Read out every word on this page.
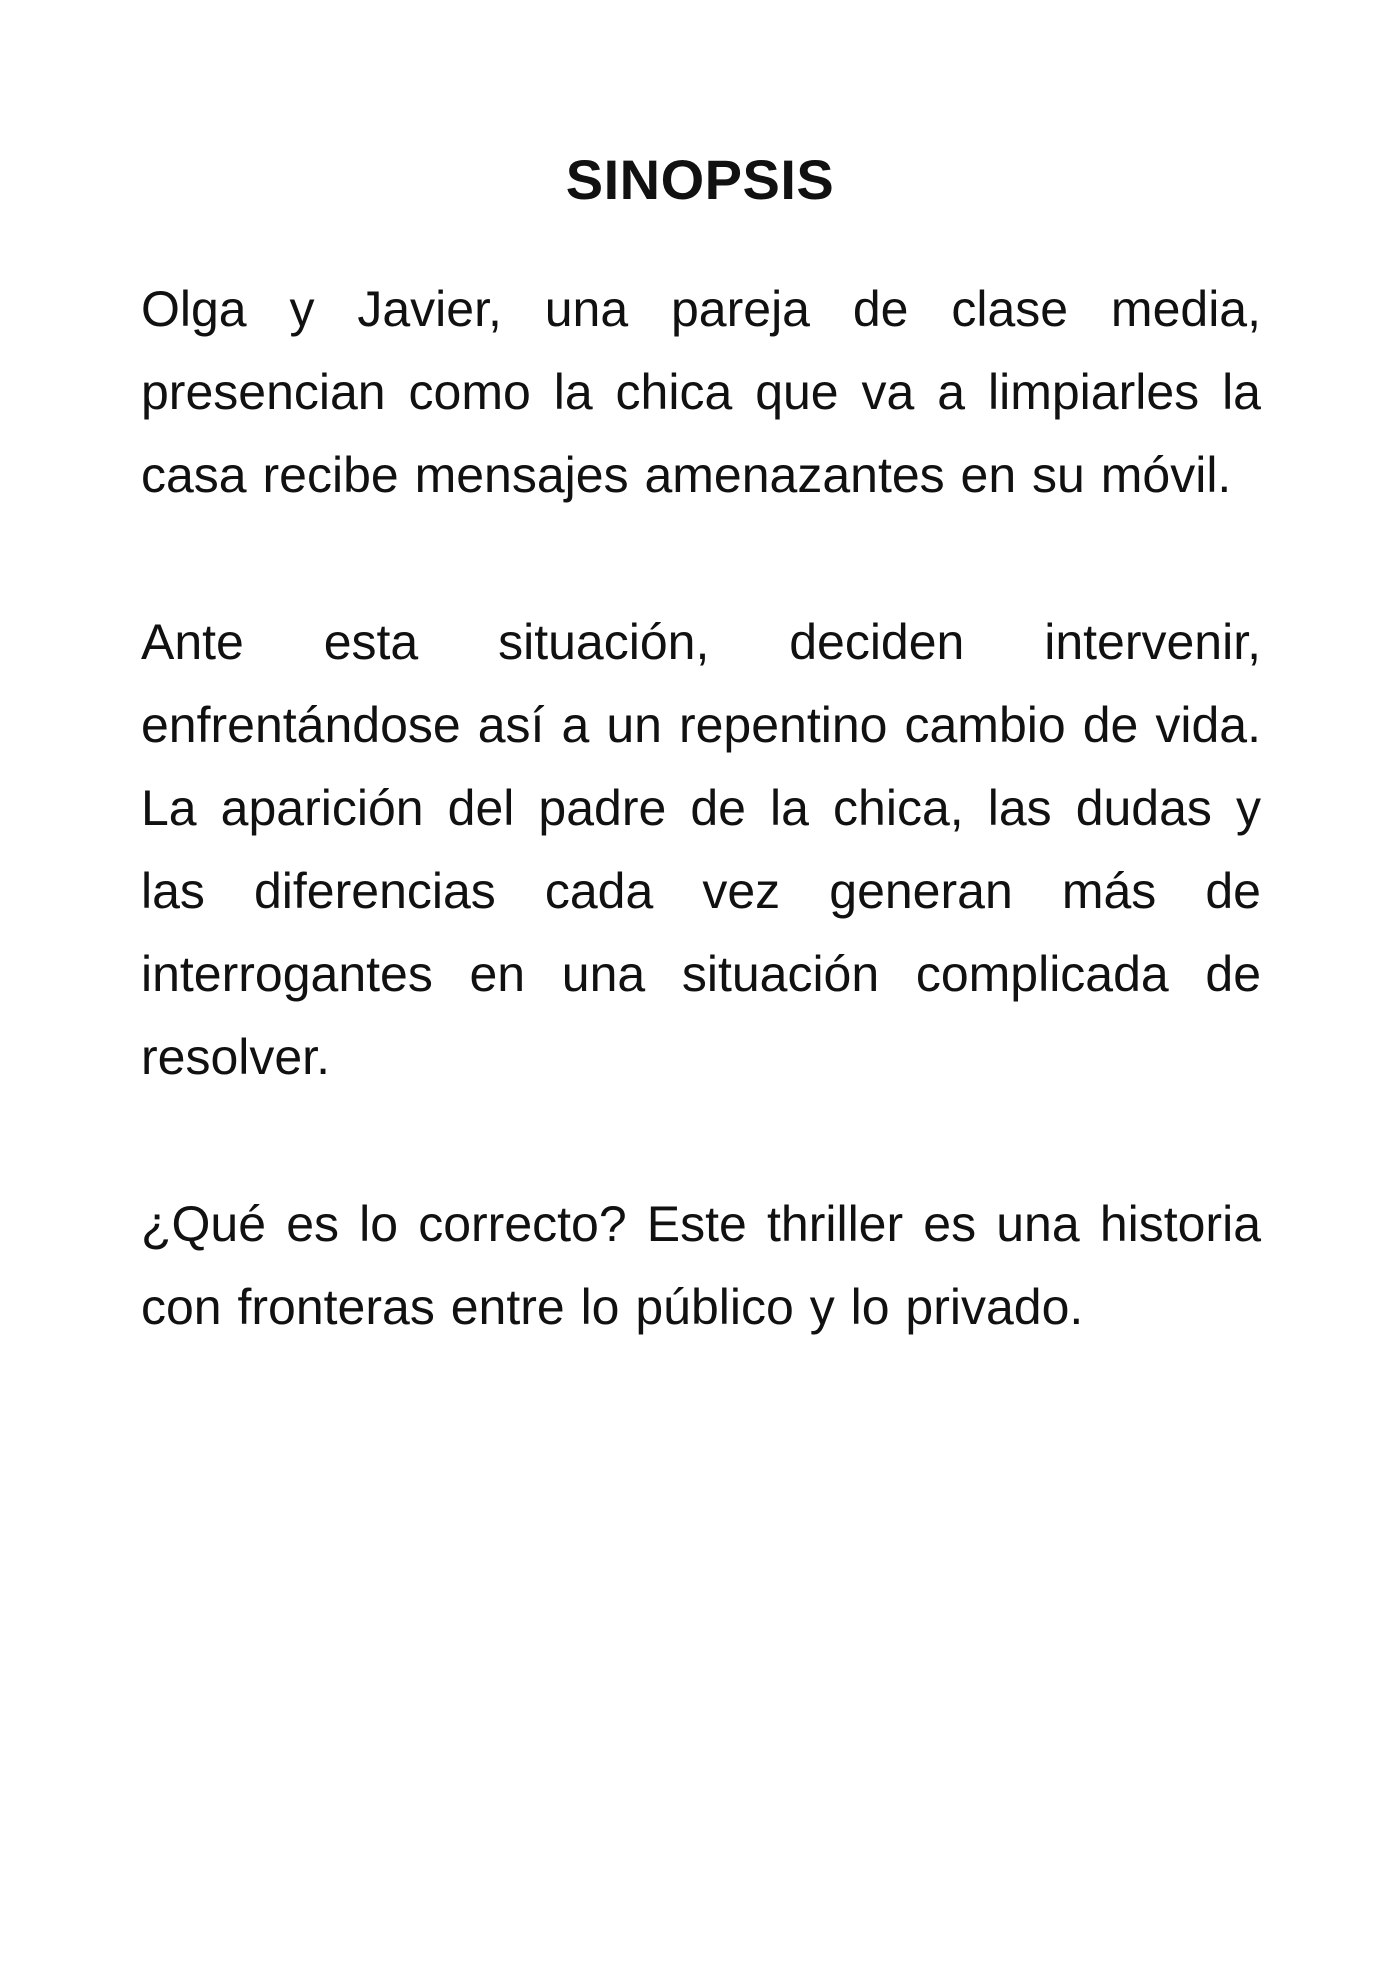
SINOPSIS

Olga y Javier, una pareja de clase media, presencian como la chica que va a limpiarles la casa recibe mensajes amenazantes en su móvil.

Ante esta situación, deciden intervenir, enfrentándose así a un repentino cambio de vida. La aparición del padre de la chica, las dudas y las diferencias cada vez generan más de interrogantes en una situación complicada de resolver.

¿Qué es lo correcto? Este thriller es una historia con fronteras entre lo público y lo privado.
